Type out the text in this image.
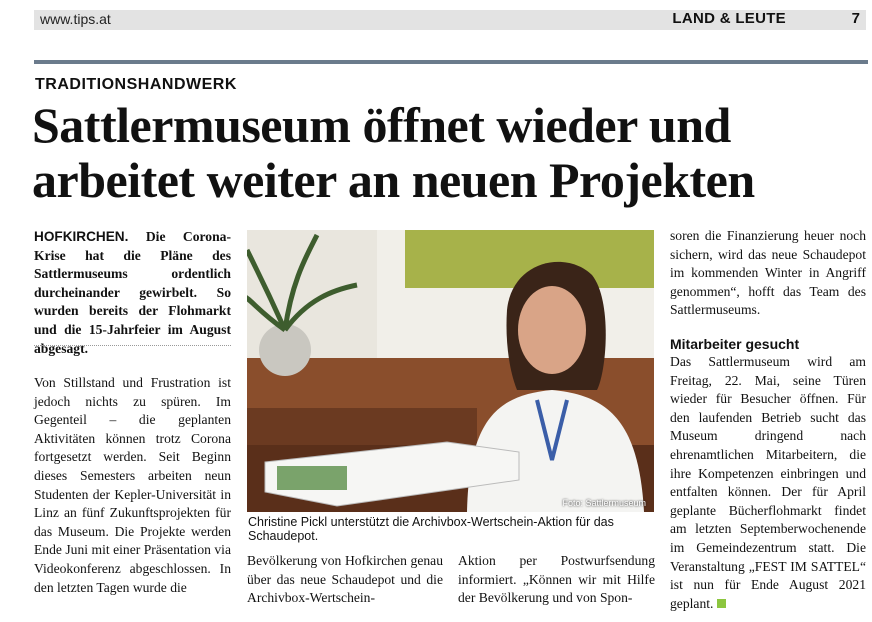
www.tips.at	LAND & LEUTE	7
TRADITIONSHANDWERK
Sattlermuseum öffnet wieder und
arbeitet weiter an neuen Projekten
HOFKIRCHEN. Die Corona-Krise hat die Pläne des Sattlermuseums ordentlich durcheinander gewirbelt. So wurden bereits der Flohmarkt und die 15-Jahrfeier im August abgesagt.
Von Stillstand und Frustration ist jedoch nichts zu spüren. Im Gegenteil – die geplanten Aktivitäten können trotz Corona fortgesetzt werden. Seit Beginn dieses Semesters arbeiten neun Studenten der Kepler-Universität in Linz an fünf Zukunftsprojekten für das Museum. Die Projekte werden Ende Juni mit einer Präsentation via Videokonferenz abgeschlossen. In den letzten Tagen wurde die
Foto: Sattlermuseum
Christine Pickl unterstützt die Archivbox-Wertschein-Aktion für das Schaudepot.
Bevölkerung von Hofkirchen genau über das neue Schaudepot und die Archivbox-Wertschein-
Aktion per Postwurfsendung informiert. „Können wir mit Hilfe der Bevölkerung und von Spon-
soren die Finanzierung heuer noch sichern, wird das neue Schaudepot im kommenden Winter in Angriff genommen“, hofft das Team des Sattlermuseums.
Mitarbeiter gesucht
Das Sattlermuseum wird am Freitag, 22. Mai, seine Türen wieder für Besucher öffnen. Für den laufenden Betrieb sucht das Museum dringend nach ehrenamtlichen Mitarbeitern, die ihre Kompetenzen einbringen und entfalten können. Der für April geplante Bücherflohmarkt findet am letzten Septemberwochenende im Gemeindezentrum statt. Die Veranstaltung „FEST IM SATTEL“ ist nun für Ende August 2021 geplant.
